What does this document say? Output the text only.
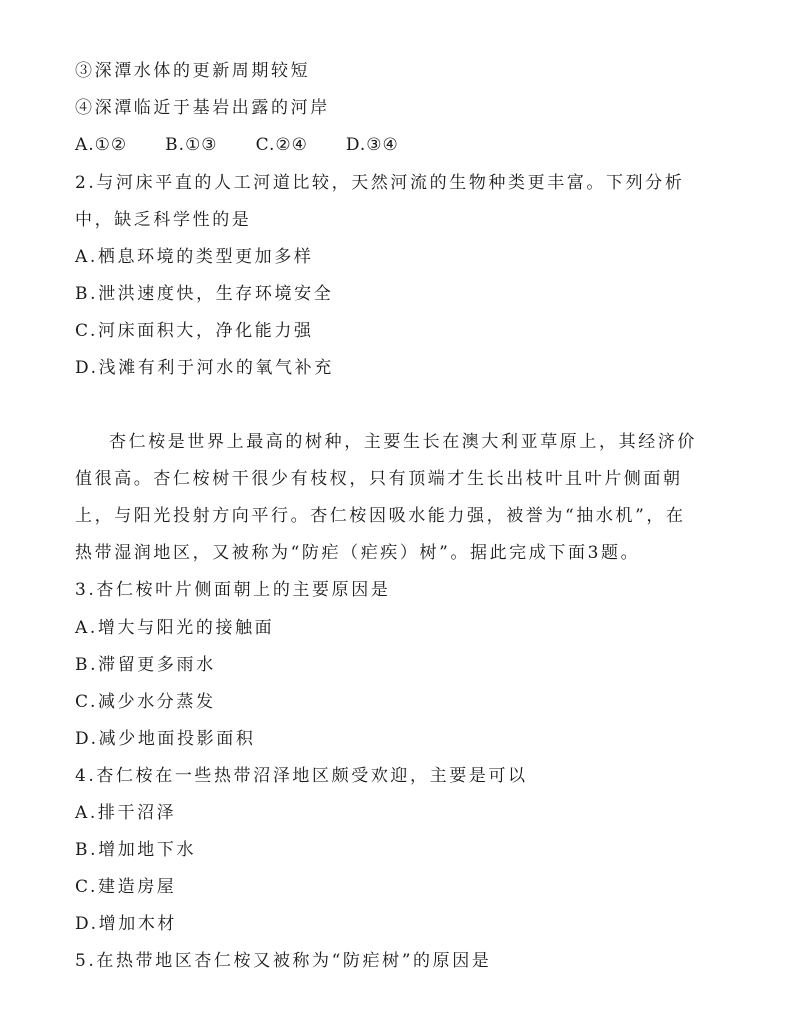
③深潭水体的更新周期较短
④深潭临近于基岩出露的河岸
A.①② B.①③ C.②④ D.③④
2.与河床平直的人工河道比较，天然河流的生物种类更丰富。下列分析
中，缺乏科学性的是
A.栖息环境的类型更加多样
B.泄洪速度快，生存环境安全
C.河床面积大，净化能力强
D.浅滩有利于河水的氧气补充
杏仁桉是世界上最高的树种，主要生长在澳大利亚草原上，其经济价
值很高。杏仁桉树干很少有枝杈，只有顶端才生长出枝叶且叶片侧面朝
上，与阳光投射方向平行。杏仁桉因吸水能力强，被誉为“抽水机”，在
热带湿润地区，又被称为“防疟（疟疾）树”。据此完成下面3题。
3.杏仁桉叶片侧面朝上的主要原因是
A.增大与阳光的接触面
B.滞留更多雨水
C.减少水分蒸发
D.减少地面投影面积
4.杏仁桉在一些热带沼泽地区颇受欢迎，主要是可以
A.排干沼泽
B.增加地下水
C.建造房屋
D.增加木材
5.在热带地区杏仁桉又被称为“防疟树”的原因是
